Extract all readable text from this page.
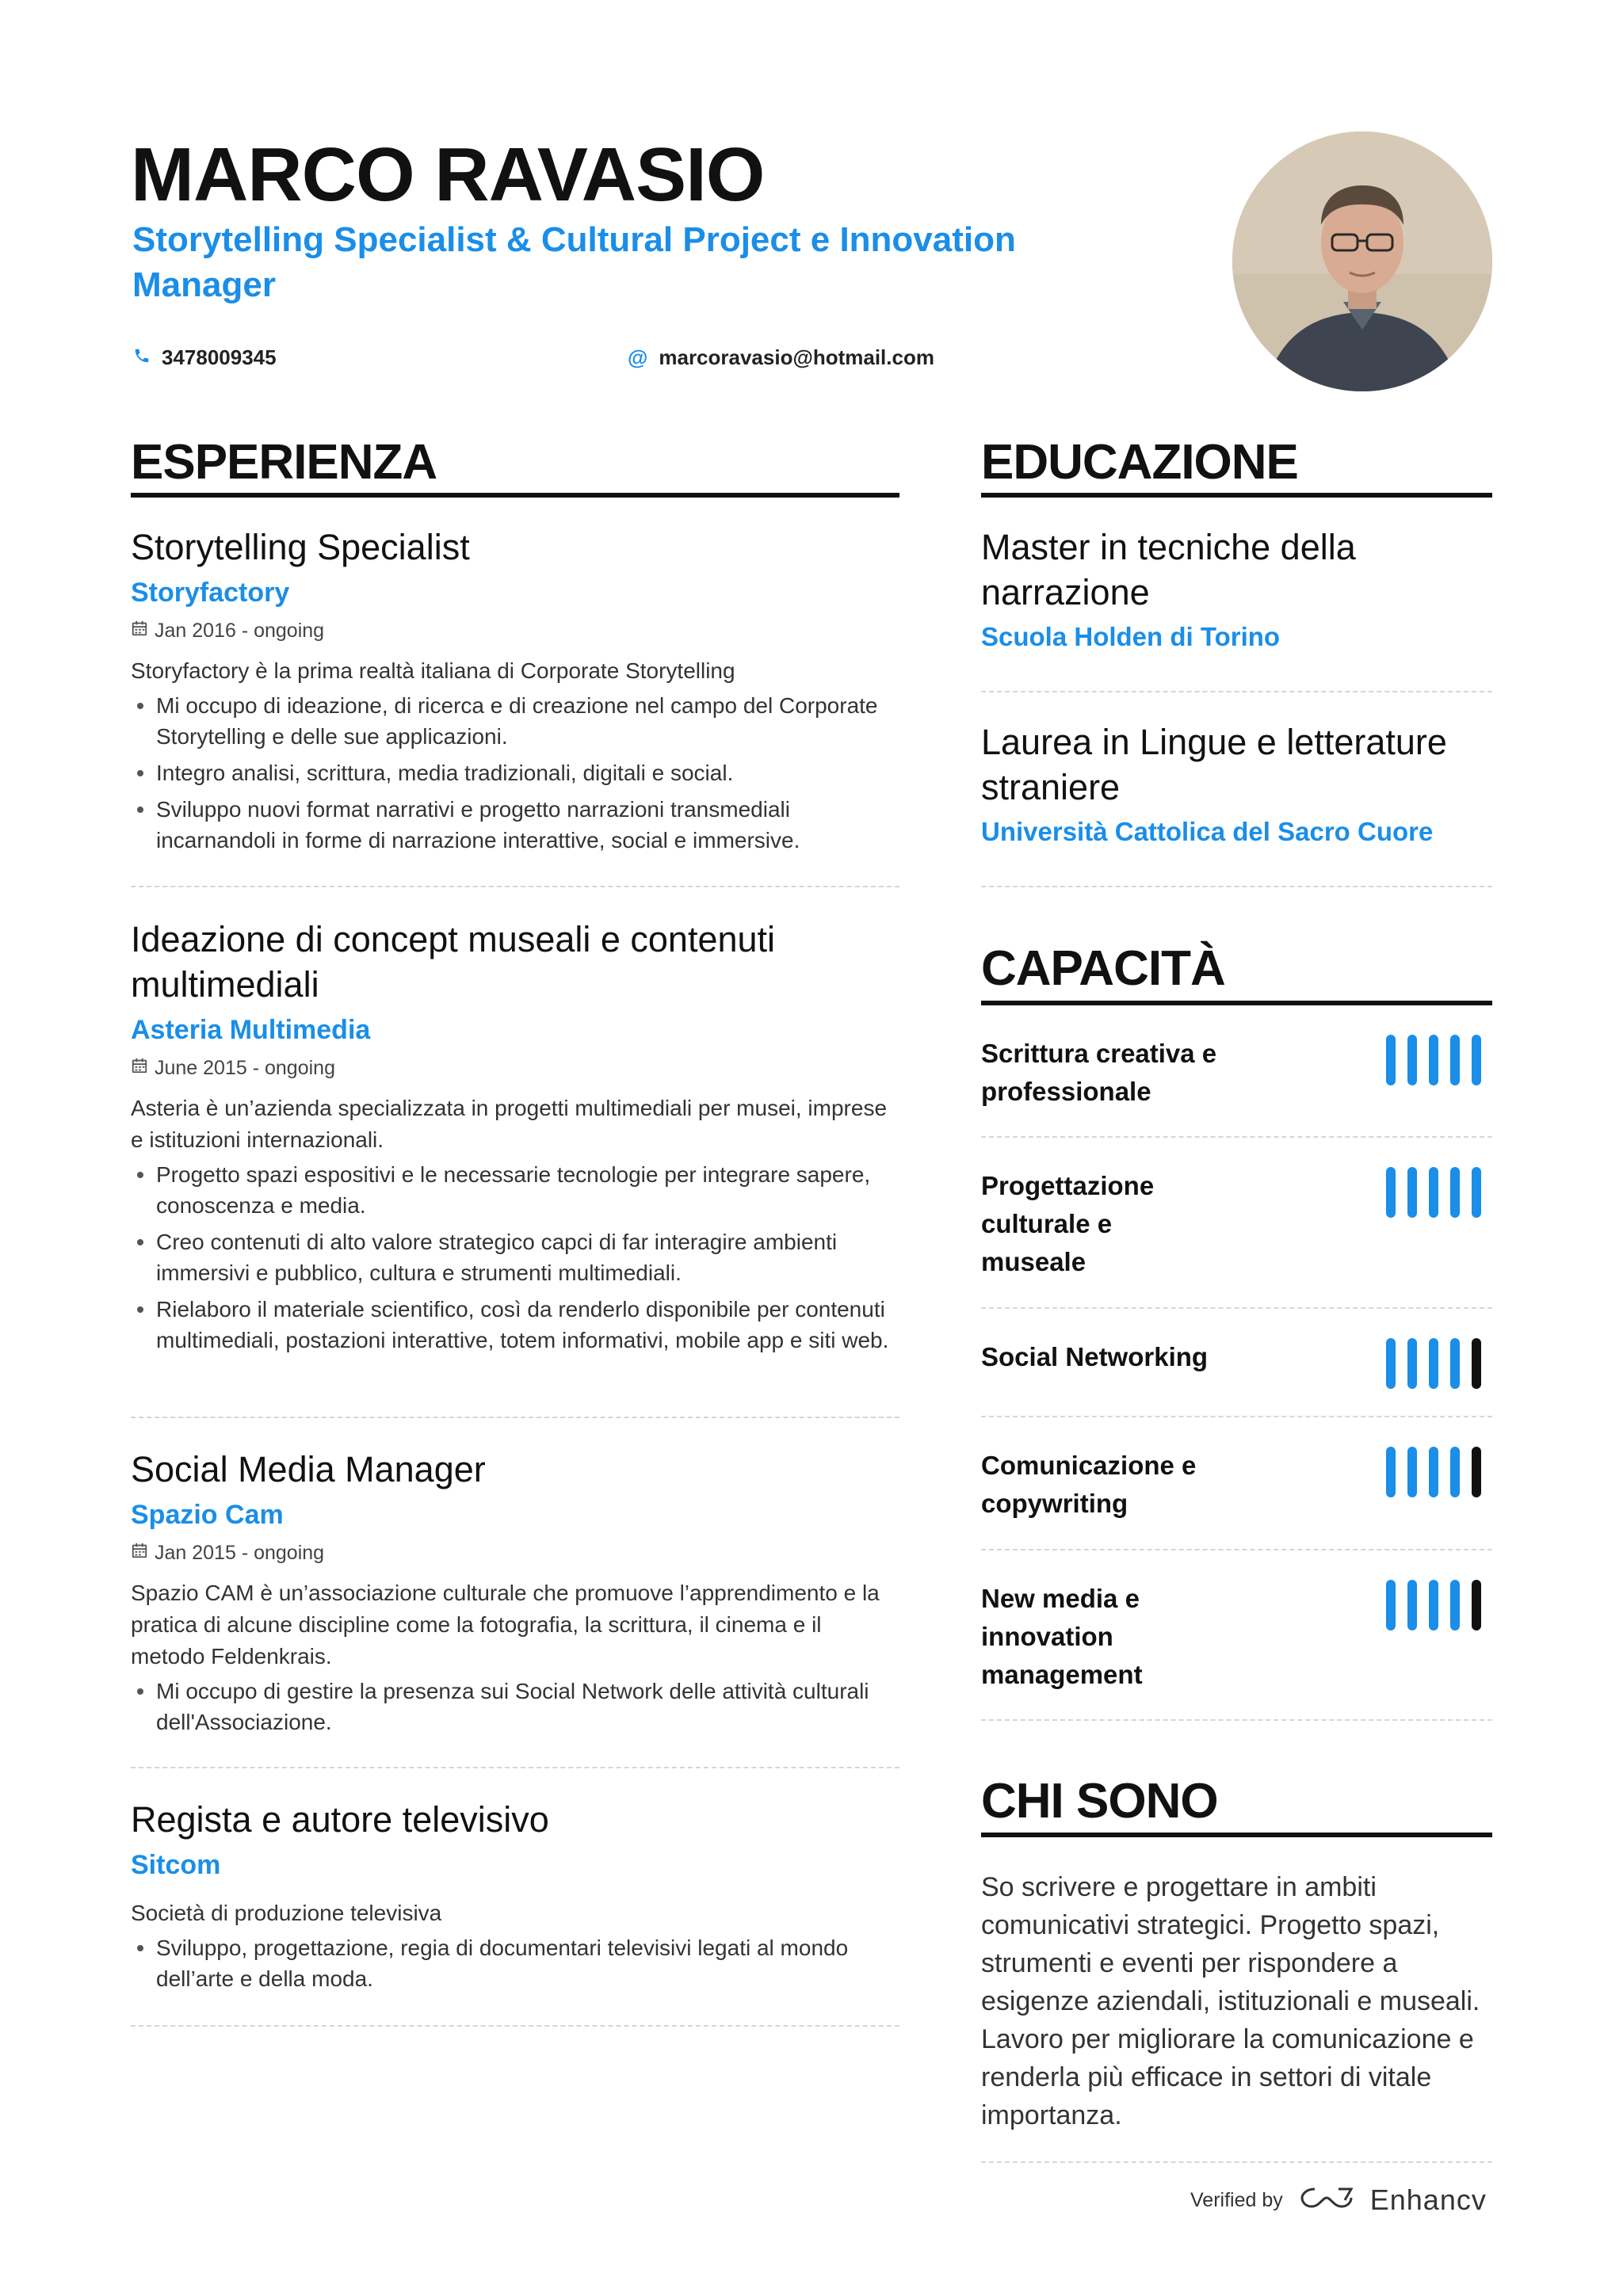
MARCO RAVASIO
Storytelling Specialist & Cultural Project e Innovation Manager
3478009345	@ marcoravasio@hotmail.com
ESPERIENZA
Storytelling Specialist
Storyfactory
Jan 2016 - ongoing
Storyfactory è la prima realtà italiana di Corporate Storytelling
Mi occupo di ideazione, di ricerca e di creazione nel campo del Corporate Storytelling e delle sue applicazioni.
Integro analisi, scrittura, media tradizionali, digitali e social.
Sviluppo nuovi format narrativi e progetto narrazioni transmediali incarnandoli in forme di narrazione interattive, social e immersive.
Ideazione di concept museali e contenuti multimediali
Asteria Multimedia
June 2015 - ongoing
Asteria è un’azienda specializzata in progetti multimediali per musei, imprese e istituzioni internazionali.
Progetto spazi espositivi e le necessarie tecnologie per integrare sapere, conoscenza e media.
Creo contenuti di alto valore strategico capci di far interagire ambienti immersivi e pubblico, cultura e strumenti multimediali.
Rielaboro il materiale scientifico, così da renderlo disponibile per contenuti multimediali, postazioni interattive, totem informativi, mobile app e siti web.
Social Media Manager
Spazio Cam
Jan 2015 - ongoing
Spazio CAM è un’associazione culturale che promuove l’apprendimento e la pratica di alcune discipline come la fotografia, la scrittura, il cinema e il metodo Feldenkrais.
Mi occupo di gestire la presenza sui Social Network delle attività culturali dell'Associazione.
Regista e autore televisivo
Sitcom
Società di produzione televisiva
Sviluppo, progettazione, regia di documentari televisivi legati al mondo dell’arte e della moda.
EDUCAZIONE
Master in tecniche della narrazione
Scuola Holden di Torino
Laurea in Lingue e letterature straniere
Università Cattolica del Sacro Cuore
CAPACITÀ
Scrittura creativa e professionale
Progettazione culturale e museale
Social Networking
Comunicazione e copywriting
New media e innovation management
CHI SONO
So scrivere e progettare in ambiti comunicativi strategici. Progetto spazi, strumenti e eventi per rispondere a esigenze aziendali, istituzionali e museali. Lavoro per migliorare la comunicazione e renderla più efficace in settori di vitale importanza.
Verified by	Enhancv
